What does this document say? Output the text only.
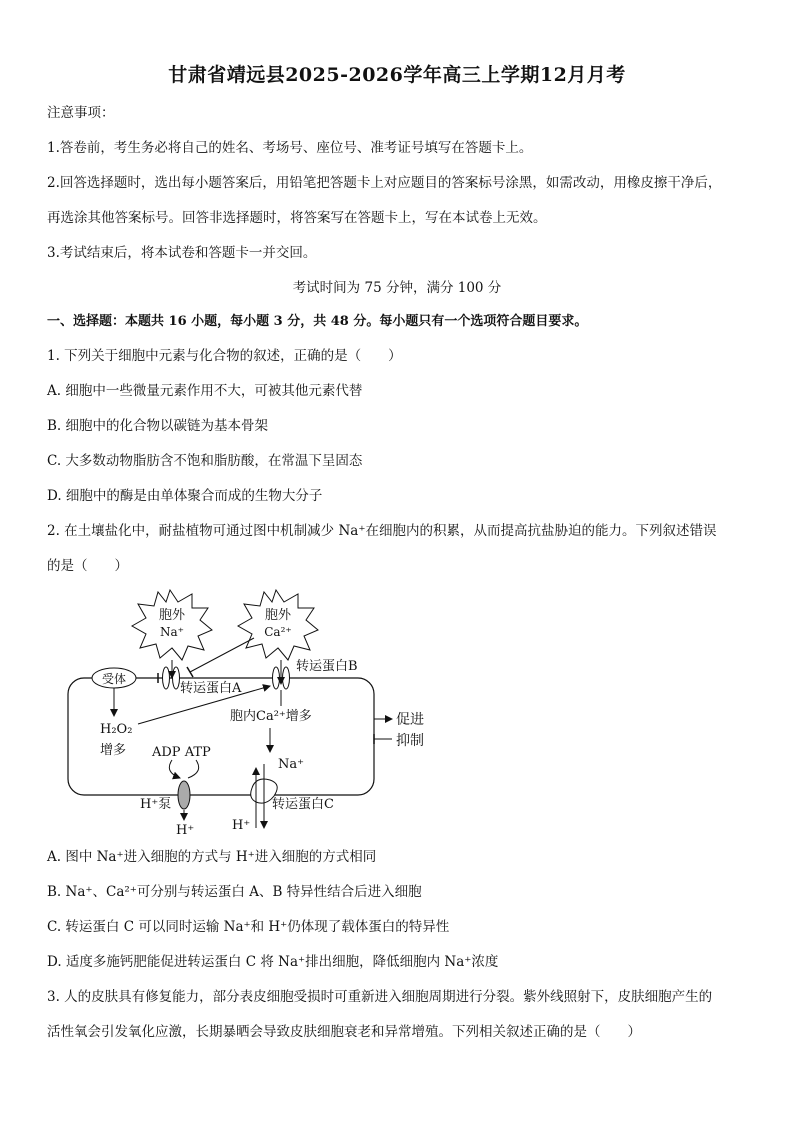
甘肃省靖远县2025-2026学年高三上学期12月月考
注意事项：
1.答卷前，考生务必将自己的姓名、考场号、座位号、准考证号填写在答题卡上。
2.回答选择题时，选出每小题答案后，用铅笔把答题卡上对应题目的答案标号涂黑，如需改动，用橡皮擦干净后，
再选涂其他答案标号。回答非选择题时，将答案写在答题卡上，写在本试卷上无效。
3.考试结束后，将本试卷和答题卡一并交回。
考试时间为 75 分钟，满分 100 分
一、选择题：本题共 16 小题，每小题 3 分，共 48 分。每小题只有一个选项符合题目要求。
1. 下列关于细胞中元素与化合物的叙述，正确的是（　　）
A. 细胞中一些微量元素作用不大，可被其他元素代替
B. 细胞中的化合物以碳链为基本骨架
C. 大多数动物脂肪含不饱和脂肪酸，在常温下呈固态
D. 细胞中的酶是由单体聚合而成的生物大分子
2. 在土壤盐化中，耐盐植物可通过图中机制减少 Na⁺在细胞内的积累，从而提高抗盐胁迫的能力。下列叙述错误
的是（　　）
胞外
Na⁺
胞外
Ca²⁺
受体
转运蛋白A
转运蛋白B
H₂O₂
增多
胞内Ca²⁺增多	促进
抑制
ADP ATP
H⁺泵
H⁺
Na⁺
H⁺
转运蛋白C
A. 图中 Na⁺进入细胞的方式与 H⁺进入细胞的方式相同
B. Na⁺、Ca²⁺可分别与转运蛋白 A、B 特异性结合后进入细胞
C. 转运蛋白 C 可以同时运输 Na⁺和 H⁺仍体现了载体蛋白的特异性
D. 适度多施钙肥能促进转运蛋白 C 将 Na⁺排出细胞，降低细胞内 Na⁺浓度
3. 人的皮肤具有修复能力，部分表皮细胞受损时可重新进入细胞周期进行分裂。紫外线照射下，皮肤细胞产生的
活性氧会引发氧化应激，长期暴晒会导致皮肤细胞衰老和异常增殖。下列相关叙述正确的是（　　）
